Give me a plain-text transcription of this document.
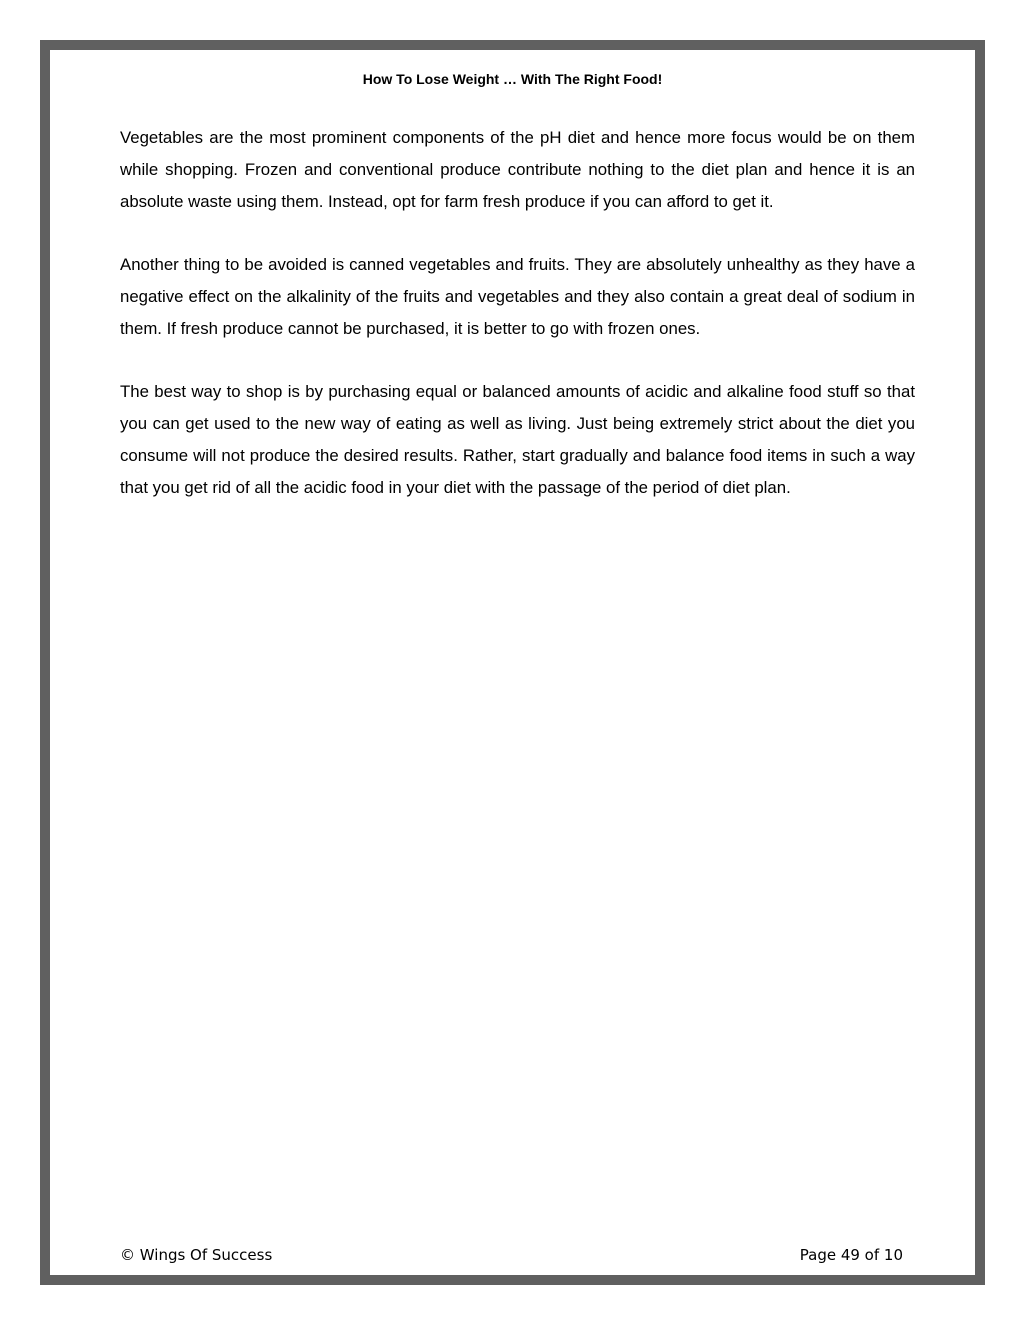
How To Lose Weight … With The Right Food!

Vegetables are the most prominent components of the pH diet and hence more focus would be on them while shopping. Frozen and conventional produce contribute nothing to the diet plan and hence it is an absolute waste using them. Instead, opt for farm fresh produce if you can afford to get it.

Another thing to be avoided is canned vegetables and fruits. They are absolutely unhealthy as they have a negative effect on the alkalinity of the fruits and vegetables and they also contain a great deal of sodium in them. If fresh produce cannot be purchased, it is better to go with frozen ones.

The best way to shop is by purchasing equal or balanced amounts of acidic and alkaline food stuff so that you can get used to the new way of eating as well as living. Just being extremely strict about the diet you consume will not produce the desired results. Rather, start gradually and balance food items in such a way that you get rid of all the acidic food in your diet with the passage of the period of diet plan.

© Wings Of Success	Page 49 of 10
